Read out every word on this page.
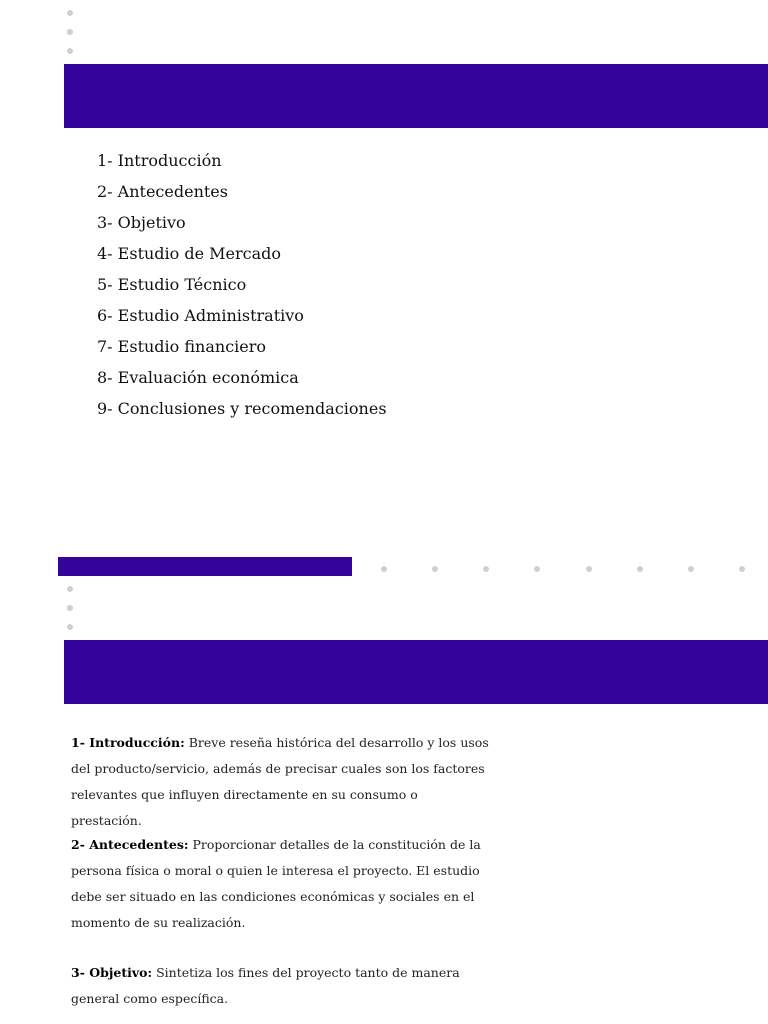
1- Introducción
2- Antecedentes
3- Objetivo
4- Estudio de Mercado
5- Estudio Técnico
6- Estudio Administrativo
7- Estudio financiero
8- Evaluación económica
9- Conclusiones y recomendaciones
1- Introducción: Breve reseña histórica del desarrollo y los usos del producto/servicio, además de precisar cuales son los factores relevantes que influyen directamente en su consumo o prestación.
2- Antecedentes: Proporcionar detalles de la constitución de la persona física o moral o quien le interesa el proyecto. El estudio debe ser situado en las condiciones económicas y sociales en el momento de su realización.
3- Objetivo: Sintetiza los fines del proyecto tanto de manera general como específica.
